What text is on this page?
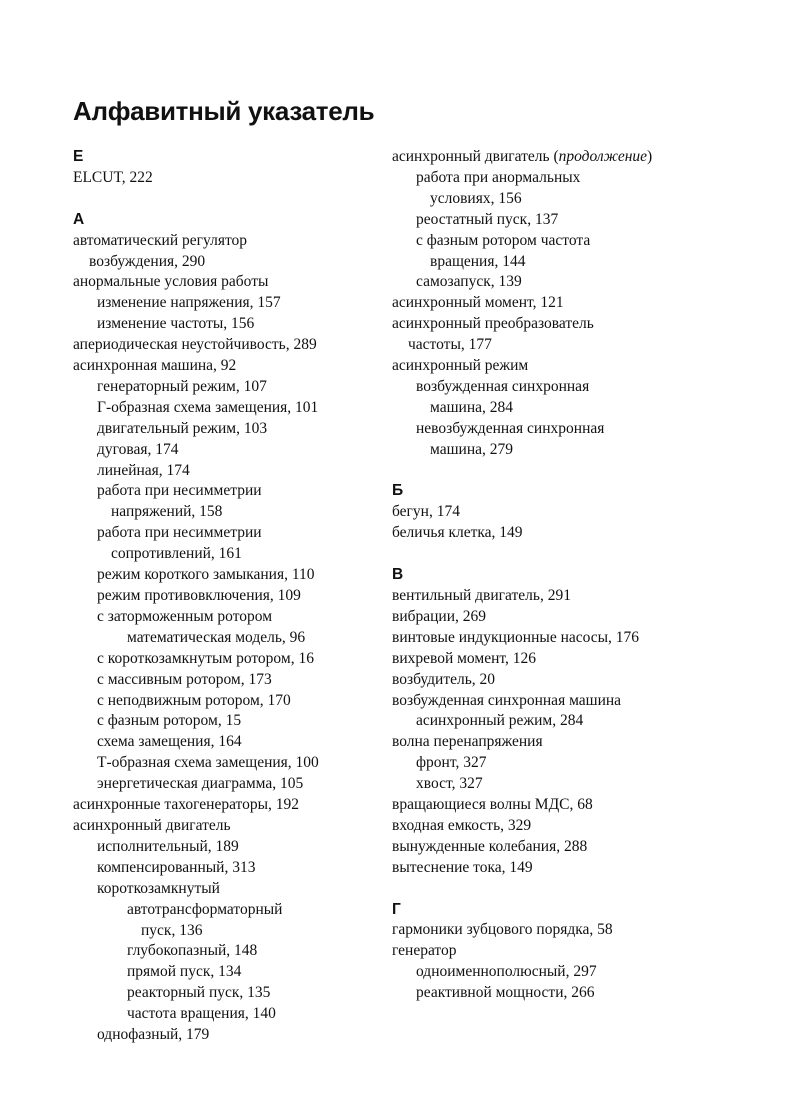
Алфавитный указатель
E
ELCUT, 222
А
автоматический регулятор
возбуждения, 290
анормальные условия работы
изменение напряжения, 157
изменение частоты, 156
апериодическая неустойчивость, 289
асинхронная машина, 92
генераторный режим, 107
Г-образная схема замещения, 101
двигательный режим, 103
дуговая, 174
линейная, 174
работа при несимметрии
напряжений, 158
работа при несимметрии
сопротивлений, 161
режим короткого замыкания, 110
режим противовключения, 109
с заторможенным ротором
математическая модель, 96
с короткозамкнутым ротором, 16
с массивным ротором, 173
с неподвижным ротором, 170
с фазным ротором, 15
схема замещения, 164
Т-образная схема замещения, 100
энергетическая диаграмма, 105
асинхронные тахогенераторы, 192
асинхронный двигатель
исполнительный, 189
компенсированный, 313
короткозамкнутый
автотрансформаторный
пуск, 136
глубокопазный, 148
прямой пуск, 134
реакторный пуск, 135
частота вращения, 140
однофазный, 179
асинхронный двигатель (продолжение)
работа при анормальных
условиях, 156
реостатный пуск, 137
с фазным ротором частота
вращения, 144
самозапуск, 139
асинхронный момент, 121
асинхронный преобразователь
частоты, 177
асинхронный режим
возбужденная синхронная
машина, 284
невозбужденная синхронная
машина, 279
Б
бегун, 174
беличья клетка, 149
В
вентильный двигатель, 291
вибрации, 269
винтовые индукционные насосы, 176
вихревой момент, 126
возбудитель, 20
возбужденная синхронная машина
асинхронный режим, 284
волна перенапряжения
фронт, 327
хвост, 327
вращающиеся волны МДС, 68
входная емкость, 329
вынужденные колебания, 288
вытеснение тока, 149
Г
гармоники зубцового порядка, 58
генератор
одноименнополюсный, 297
реактивной мощности, 266
